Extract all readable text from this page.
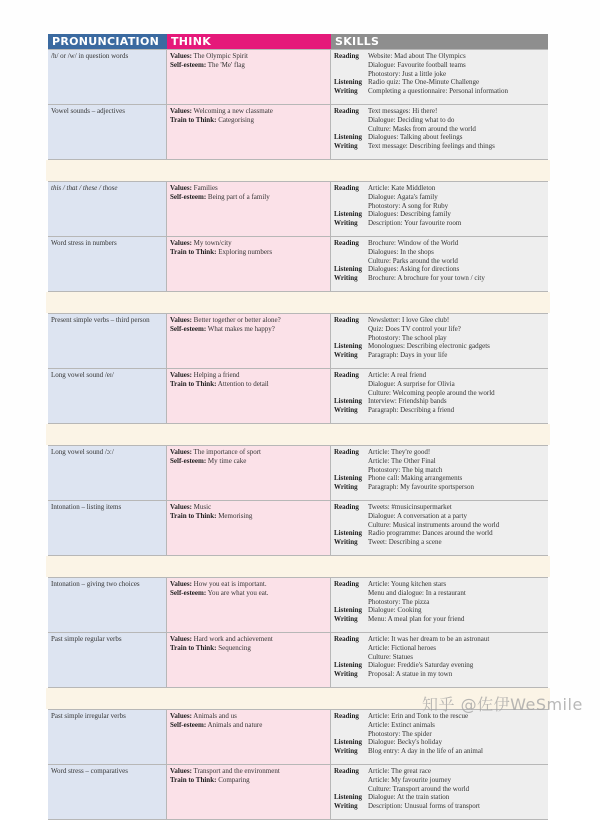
PRONUNCIATION	THINK	SKILLS
/h/ or /w/ in question words	Values: The Olympic Spirit
Self-esteem: The 'Me' flag
Reading	Website: Mad about The Olympics
Dialogue: Favourite football teams
Photostory: Just a little joke
Listening Radio quiz: The One-Minute Challenge
Writing	Completing a questionnaire: Personal information
Vowel sounds – adjectives	Values: Welcoming a new classmate
Train to Think: Categorising
Reading	Text messages: Hi there!
Dialogue: Deciding what to do
Culture: Masks from around the world
Listening Dialogues: Talking about feelings
Writing	Text message: Describing feelings and things
this / that / these / those	Values: Families
Self-esteem: Being part of a family
Reading	Article: Kate Middleton
Dialogue: Agata's family
Photostory: A song for Ruby
Listening Dialogues: Describing family
Writing	Description: Your favourite room
Word stress in numbers	Values: My town/city
Train to Think: Exploring numbers
Reading	Brochure: Window of the World
Dialogues: In the shops
Culture: Parks around the world
Listening Dialogues: Asking for directions
Writing	Brochure: A brochure for your town / city
Present simple verbs – third person	Values: Better together or better alone?
Self-esteem: What makes me happy?
Reading	Newsletter: I love Glee club!
Quiz: Does TV control your life?
Photostory: The school play
Listening Monologues: Describing electronic gadgets
Writing	Paragraph: Days in your life
Long vowel sound /eɪ/	Values: Helping a friend
Train to Think: Attention to detail
Reading	Article: A real friend
Dialogue: A surprise for Olivia
Culture: Welcoming people around the world
Listening Interview: Friendship bands
Writing	Paragraph: Describing a friend
Long vowel sound /ɔː/	Values: The importance of sport
Self-esteem: My time cake
Reading	Article: They're good!
Article: The Other Final
Photostory: The big match
Listening Phone call: Making arrangements
Writing	Paragraph: My favourite sportsperson
Intonation – listing items	Values: Music
Train to Think: Memorising
Reading	Tweets: #musicinsupermarket
Dialogue: A conversation at a party
Culture: Musical instruments around the world
Listening Radio programme: Dances around the world
Writing	Tweet: Describing a scene
Intonation – giving two choices	Values: How you eat is important.
Self-esteem: You are what you eat.
Reading	Article: Young kitchen stars
Menu and dialogue: In a restaurant
Photostory: The pizza
Listening Dialogue: Cooking
Writing	Menu: A meal plan for your friend
Past simple regular verbs	Values: Hard work and achievement
Train to Think: Sequencing
Reading	Article: It was her dream to be an astronaut
Article: Fictional heroes
Culture: Statues
Listening Dialogue: Freddie's Saturday evening
Writing	Proposal: A statue in my town
Past simple irregular verbs	Values: Animals and us
Self-esteem: Animals and nature
Reading	Article: Erin and Tonk to the rescue
Article: Extinct animals
Photostory: The spider
Listening Dialogue: Becky's holiday
Writing	Blog entry: A day in the life of an animal
Word stress – comparatives	Values: Transport and the environment
Train to Think: Comparing
Reading	Article: The great race
Article: My favourite journey
Culture: Transport around the world
Listening Dialogue: At the train station
Writing	Description: Unusual forms of transport
知乎 @佐伊WeSmile
